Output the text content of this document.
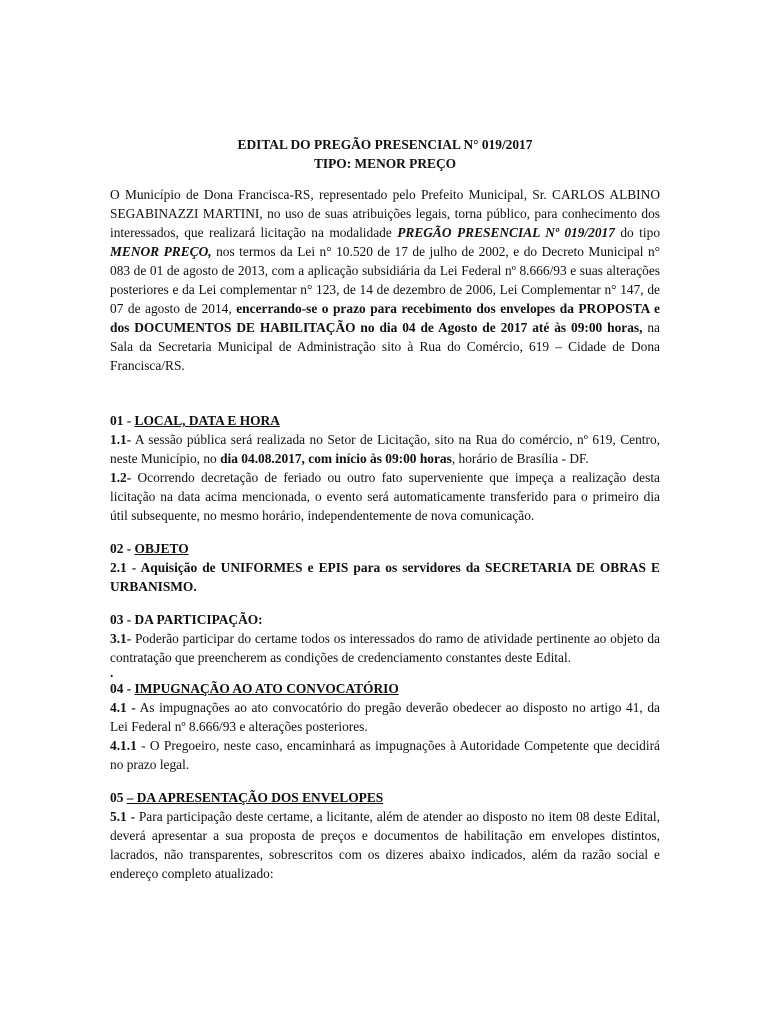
EDITAL DO PREGÃO PRESENCIAL N° 019/2017
TIPO: MENOR PREÇO

O Município de Dona Francisca-RS, representado pelo Prefeito Municipal, Sr. CARLOS ALBINO SEGABINAZZI MARTINI, no uso de suas atribuições legais, torna público, para conhecimento dos interessados, que realizará licitação na modalidade PREGÃO PRESENCIAL Nº 019/2017 do tipo MENOR PREÇO, nos termos da Lei n° 10.520 de 17 de julho de 2002, e do Decreto Municipal n° 083 de 01 de agosto de 2013, com a aplicação subsidiária da Lei Federal nº 8.666/93 e suas alterações posteriores e da Lei complementar n° 123, de 14 de dezembro de 2006, Lei Complementar n° 147, de 07 de agosto de 2014, encerrando-se o prazo para recebimento dos envelopes da PROPOSTA e dos DOCUMENTOS DE HABILITAÇÃO no dia 04 de Agosto de 2017 até às 09:00 horas, na Sala da Secretaria Municipal de Administração sito à Rua do Comércio, 619 – Cidade de Dona Francisca/RS.

01 - LOCAL, DATA E HORA

1.1- A sessão pública será realizada no Setor de Licitação, sito na Rua do comércio, nº 619, Centro, neste Município, no dia 04.08.2017, com início às 09:00 horas, horário de Brasília - DF.

1.2- Ocorrendo decretação de feriado ou outro fato superveniente que impeça a realização desta licitação na data acima mencionada, o evento será automaticamente transferido para o primeiro dia útil subsequente, no mesmo horário, independentemente de nova comunicação.

02 - OBJETO

2.1 - Aquisição de UNIFORMES e EPIS para os servidores da SECRETARIA DE OBRAS E URBANISMO.

03 - DA PARTICIPAÇÃO:

3.1- Poderão participar do certame todos os interessados do ramo de atividade pertinente ao objeto da contratação que preencherem as condições de credenciamento constantes deste Edital.

.
04 - IMPUGNAÇÃO AO ATO CONVOCATÓRIO

4.1 - As impugnações ao ato convocatório do pregão deverão obedecer ao disposto no artigo 41, da Lei Federal nº 8.666/93 e alterações posteriores.

4.1.1 - O Pregoeiro, neste caso, encaminhará as impugnações à Autoridade Competente que decidirá no prazo legal.

05 – DA APRESENTAÇÃO DOS ENVELOPES

5.1 - Para participação deste certame, a licitante, além de atender ao disposto no item 08 deste Edital, deverá apresentar a sua proposta de preços e documentos de habilitação em envelopes distintos, lacrados, não transparentes, sobrescritos com os dizeres abaixo indicados, além da razão social e endereço completo atualizado:
